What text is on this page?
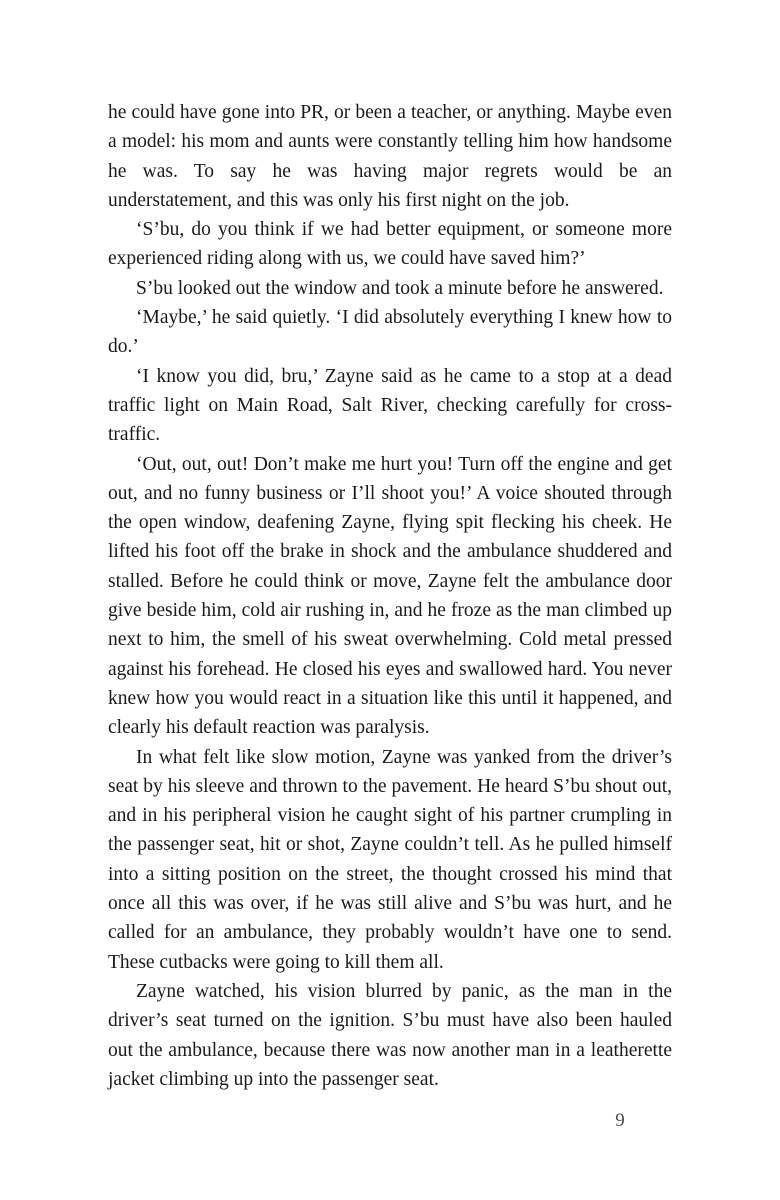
he could have gone into PR, or been a teacher, or anything. Maybe even a model: his mom and aunts were constantly telling him how handsome he was. To say he was having major regrets would be an understatement, and this was only his first night on the job.

‘S’bu, do you think if we had better equipment, or someone more experienced riding along with us, we could have saved him?’

S’bu looked out the window and took a minute before he answered.

‘Maybe,’ he said quietly. ‘I did absolutely everything I knew how to do.’

‘I know you did, bru,’ Zayne said as he came to a stop at a dead traffic light on Main Road, Salt River, checking carefully for cross-traffic.

‘Out, out, out! Don’t make me hurt you! Turn off the engine and get out, and no funny business or I’ll shoot you!’ A voice shouted through the open window, deafening Zayne, flying spit flecking his cheek. He lifted his foot off the brake in shock and the ambulance shuddered and stalled. Before he could think or move, Zayne felt the ambulance door give beside him, cold air rushing in, and he froze as the man climbed up next to him, the smell of his sweat overwhelming. Cold metal pressed against his forehead. He closed his eyes and swallowed hard. You never knew how you would react in a situation like this until it happened, and clearly his default reaction was paralysis.

In what felt like slow motion, Zayne was yanked from the driver’s seat by his sleeve and thrown to the pavement. He heard S’bu shout out, and in his peripheral vision he caught sight of his partner crumpling in the passenger seat, hit or shot, Zayne couldn’t tell. As he pulled himself into a sitting position on the street, the thought crossed his mind that once all this was over, if he was still alive and S’bu was hurt, and he called for an ambulance, they probably wouldn’t have one to send. These cutbacks were going to kill them all.

Zayne watched, his vision blurred by panic, as the man in the driver’s seat turned on the ignition. S’bu must have also been hauled out the ambulance, because there was now another man in a leatherette jacket climbing up into the passenger seat.

9
